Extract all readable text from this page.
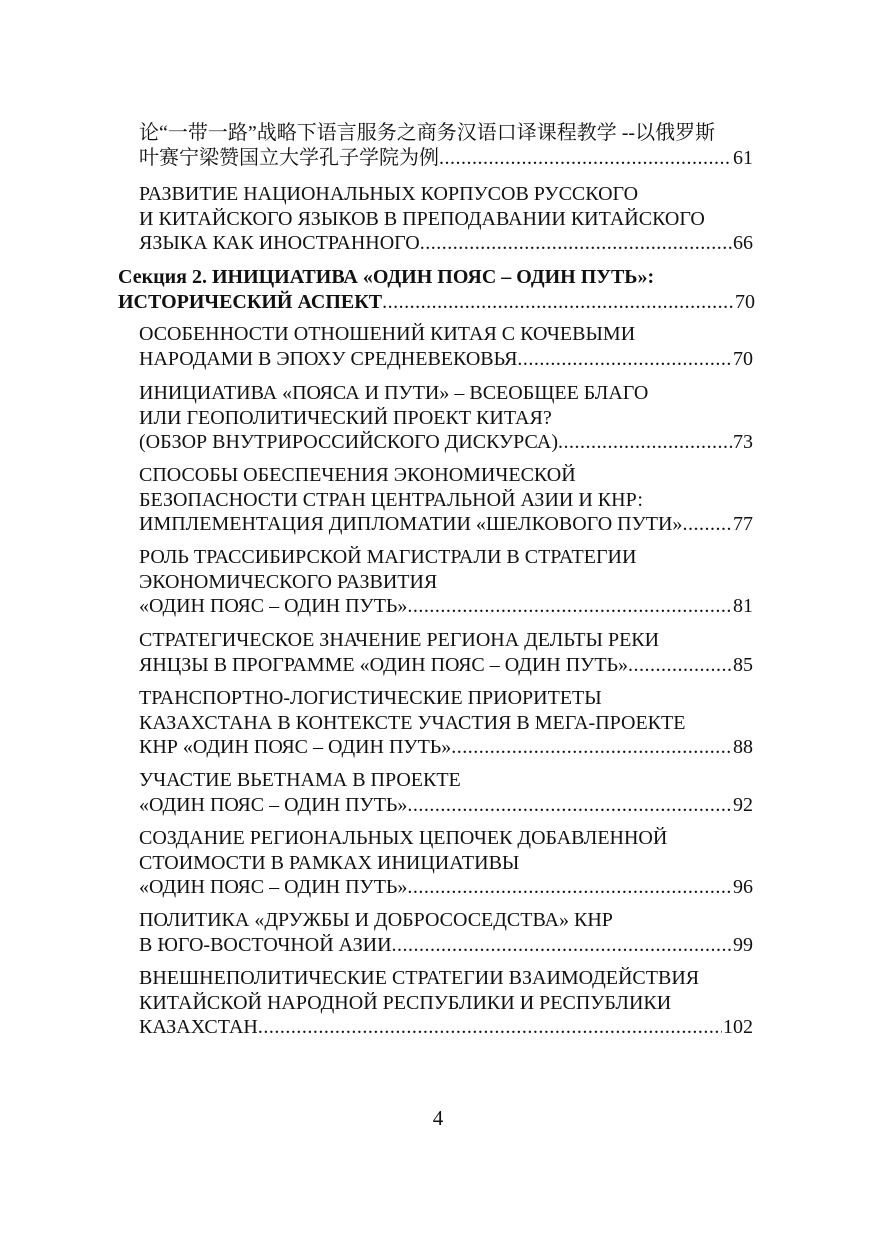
论“一带一路”战略下语言服务之商务汉语口译课程教学 --以俄罗斯
叶赛宁梁赞国立大学孔子学院为例 .....	61
РАЗВИТИЕ НАЦИОНАЛЬНЫХ КОРПУСОВ РУССКОГО
И КИТАЙСКОГО ЯЗЫКОВ В ПРЕПОДАВАНИИ КИТАЙСКОГО
ЯЗЫКА КАК ИНОСТРАННОГО .....	66
Секция 2. ИНИЦИАТИВА «ОДИН ПОЯС – ОДИН ПУТЬ»:
ИСТОРИЧЕСКИЙ АСПЕКТ .....	70
ОСОБЕННОСТИ ОТНОШЕНИЙ КИТАЯ С КОЧЕВЫМИ
НАРОДАМИ В ЭПОХУ СРЕДНЕВЕКОВЬЯ .....	70
ИНИЦИАТИВА «ПОЯСА И ПУТИ» – ВСЕОБЩЕЕ БЛАГО
ИЛИ ГЕОПОЛИТИЧЕСКИЙ ПРОЕКТ КИТАЯ?
(ОБЗОР ВНУТРИРОССИЙСКОГО ДИСКУРСА) .....	73
СПОСОБЫ ОБЕСПЕЧЕНИЯ ЭКОНОМИЧЕСКОЙ
БЕЗОПАСНОСТИ СТРАН ЦЕНТРАЛЬНОЙ АЗИИ И КНР:
ИМПЛЕМЕНТАЦИЯ ДИПЛОМАТИИ «ШЕЛКОВОГО ПУТИ» .....	77
РОЛЬ ТРАССИБИРСКОЙ МАГИСТРАЛИ В СТРАТЕГИИ
ЭКОНОМИЧЕСКОГО РАЗВИТИЯ
«ОДИН ПОЯС – ОДИН ПУТЬ» .....	81
СТРАТЕГИЧЕСКОЕ ЗНАЧЕНИЕ РЕГИОНА ДЕЛЬТЫ РЕКИ
ЯНЦЗЫ В ПРОГРАММЕ «ОДИН ПОЯС – ОДИН ПУТЬ» .....	85
ТРАНСПОРТНО-ЛОГИСТИЧЕСКИЕ ПРИОРИТЕТЫ
КАЗАХСТАНА В КОНТЕКСТЕ УЧАСТИЯ В МЕГА-ПРОЕКТЕ
КНР «ОДИН ПОЯС – ОДИН ПУТЬ» .....	88
УЧАСТИЕ ВЬЕТНАМА В ПРОЕКТЕ
«ОДИН ПОЯС – ОДИН ПУТЬ» .....	92
СОЗДАНИЕ РЕГИОНАЛЬНЫХ ЦЕПОЧЕК ДОБАВЛЕННОЙ
СТОИМОСТИ В РАМКАХ ИНИЦИАТИВЫ
«ОДИН ПОЯС – ОДИН ПУТЬ» .....	96
ПОЛИТИКА «ДРУЖБЫ И ДОБРОСОСЕДСТВА» КНР
В ЮГО-ВОСТОЧНОЙ АЗИИ .....	99
ВНЕШНЕПОЛИТИЧЕСКИЕ СТРАТЕГИИ ВЗАИМОДЕЙСТВИЯ
КИТАЙСКОЙ НАРОДНОЙ РЕСПУБЛИКИ И РЕСПУБЛИКИ
КАЗАХСТАН .....	102
4
